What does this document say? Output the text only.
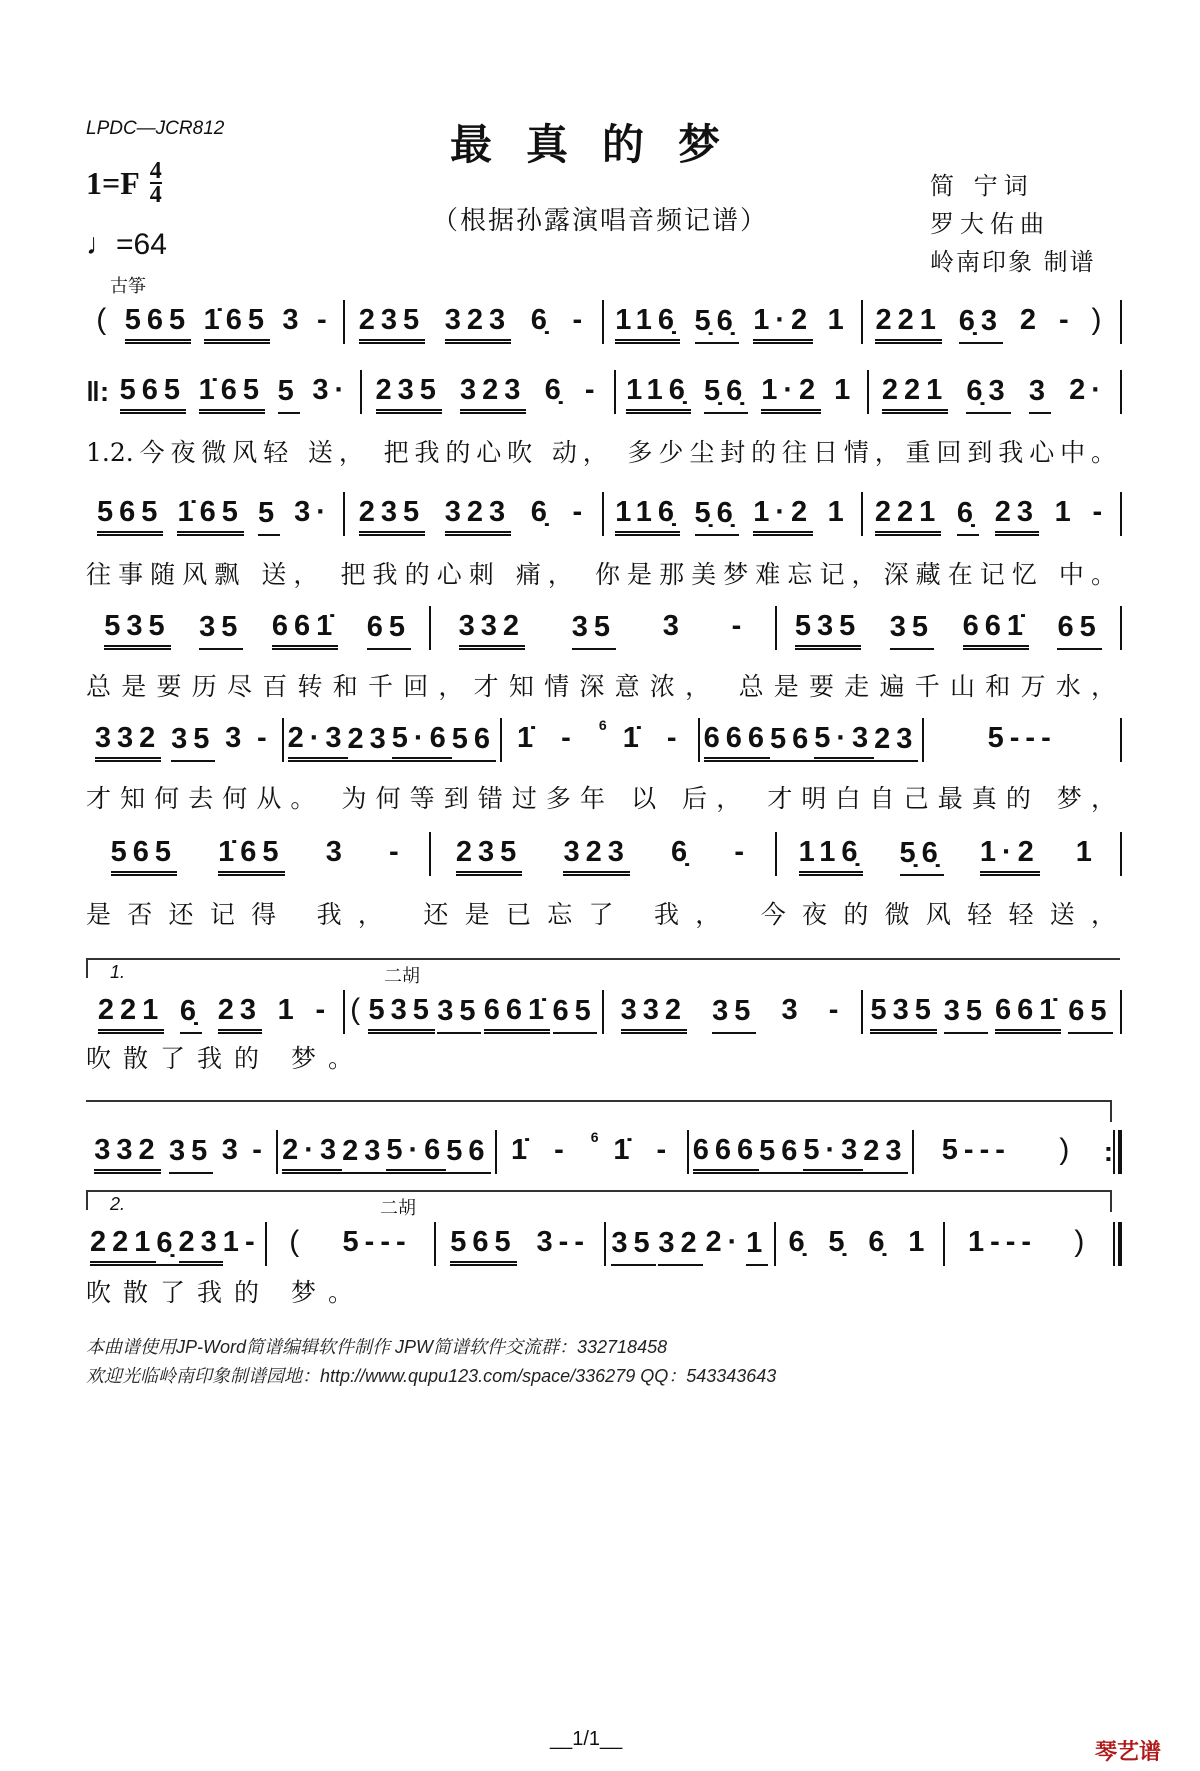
LPDC—JCR812	最真的梦
$1=F \frac{4}{4}$
♩=64
（根据孙露演唱音频记谱）
简 宁词
罗大佑曲
岭南印象 制谱
古筝
二胡
二胡
1.
2.
( 565 1̇65 3 - 235 323 6̣ - 116̣ 5̣6̣ 1·2 1 221 6̣3 2 - )
‖: 565 1̇65 5 3· 235 323 6̣ - 116̣ 5̣6̣ 1·2 1 221 6̣3 3 2·
565 1̇65 5 3· 235 323 6̣ - 116̣ 5̣6̣ 1·2 1 221 6̣ 23 1 -
535 35 661̇ 65 332 35 3 - 535 35 661̇ 65
332 35 3 - 2·3 23 5·6 56 1̇ - 6 1̇ - 666 56 5·3 23 5---
565 1̇65 3 - 235 323 6̣ - 116̣ 5̣6̣ 1·2 1
221 6̣ 23 1 - ( 535 35 661̇ 65 332 35 3 - 535 35 661̇ 65
332 35 3 - 2·3 23 5·6 56 1̇ - 6 1̇ - 666 56 5·3 23 5--- ) :
221 6̣ 23 1 - ( 5--- 565 3-- 35 32 2· 1 6̣ 5̣ 6̣ 1 1--- )
1.2.今夜微风轻 送， 把我的心吹 动， 多少尘封的往日情，重回到我心中。
往事随风飘 送， 把我的心刺 痛， 你是那美梦难忘记，深藏在记忆 中。
总是要历尽百转和千回，才知情深意浓， 总是要走遍千山和万水，
才知何去何从。 为何等到错过多年 以 后， 才明白自己最真的 梦，
是否还记得 我， 还是已忘了 我， 今夜的微风轻轻送，
吹散了我的 梦。
吹散了我的 梦。
本曲谱使用JP-Word简谱编辑软件制作 JPW简谱软件交流群：332718458
欢迎光临岭南印象制谱园地：http://www.qupu123.com/space/336279 QQ：543343643
__1/1__	琴艺谱
